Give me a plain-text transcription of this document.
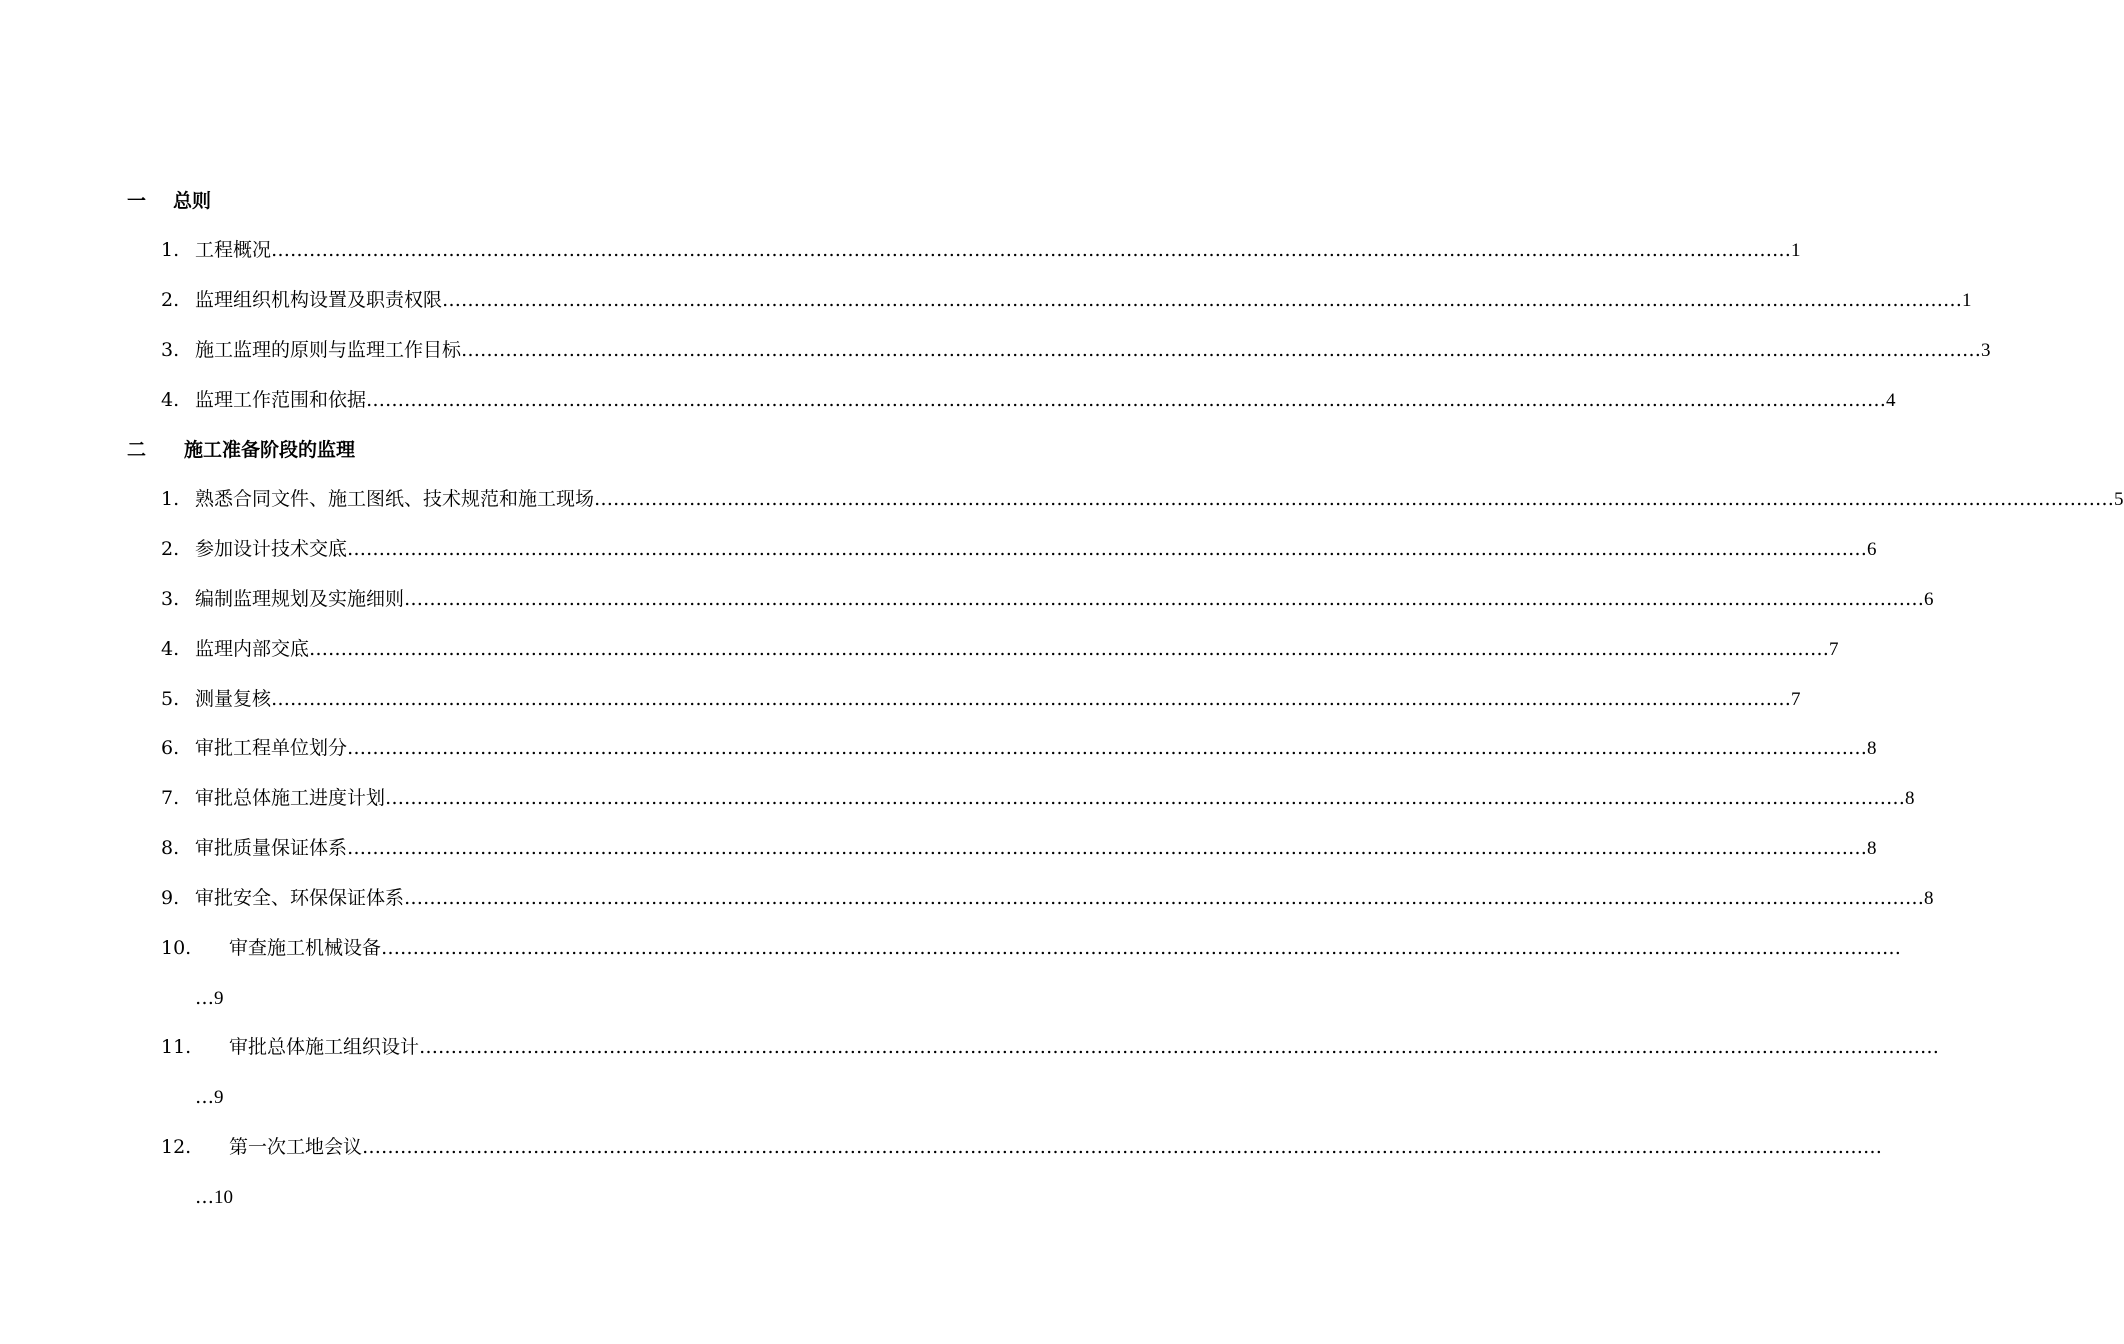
一 总则
1. 工程概况 …………………………………………………………………………………………………………………………………………………………………………………………………………………… 1
2. 监理组织机构设置及职责权限 …………………………………………………………………………………………………………………………………………………………………………………………………………………… 1
3. 施工监理的原则与监理工作目标 …………………………………………………………………………………………………………………………………………………………………………………………………………………… 3
4. 监理工作范围和依据 …………………………………………………………………………………………………………………………………………………………………………………………………………………… 4
二 施工准备阶段的监理
1. 熟悉合同文件、施工图纸、技术规范和施工现场 …………………………………………………………………………………………………………………………………………………………………………………………………………………… 5
2. 参加设计技术交底 …………………………………………………………………………………………………………………………………………………………………………………………………………………… 6
3. 编制监理规划及实施细则 …………………………………………………………………………………………………………………………………………………………………………………………………………………… 6
4. 监理内部交底 …………………………………………………………………………………………………………………………………………………………………………………………………………………… 7
5. 测量复核 …………………………………………………………………………………………………………………………………………………………………………………………………………………… 7
6. 审批工程单位划分 …………………………………………………………………………………………………………………………………………………………………………………………………………………… 8
7. 审批总体施工进度计划 …………………………………………………………………………………………………………………………………………………………………………………………………………………… 8
8. 审批质量保证体系 …………………………………………………………………………………………………………………………………………………………………………………………………………………… 8
9. 审批安全、环保保证体系 …………………………………………………………………………………………………………………………………………………………………………………………………………………… 8
10.	审查施工机械设备 ……………………………………………………………………………………………………………………………………………………………………………………………………………………
…9
11.	审批总体施工组织设计 ……………………………………………………………………………………………………………………………………………………………………………………………………………………
…9
12.	第一次工地会议 ……………………………………………………………………………………………………………………………………………………………………………………………………………………
…10
